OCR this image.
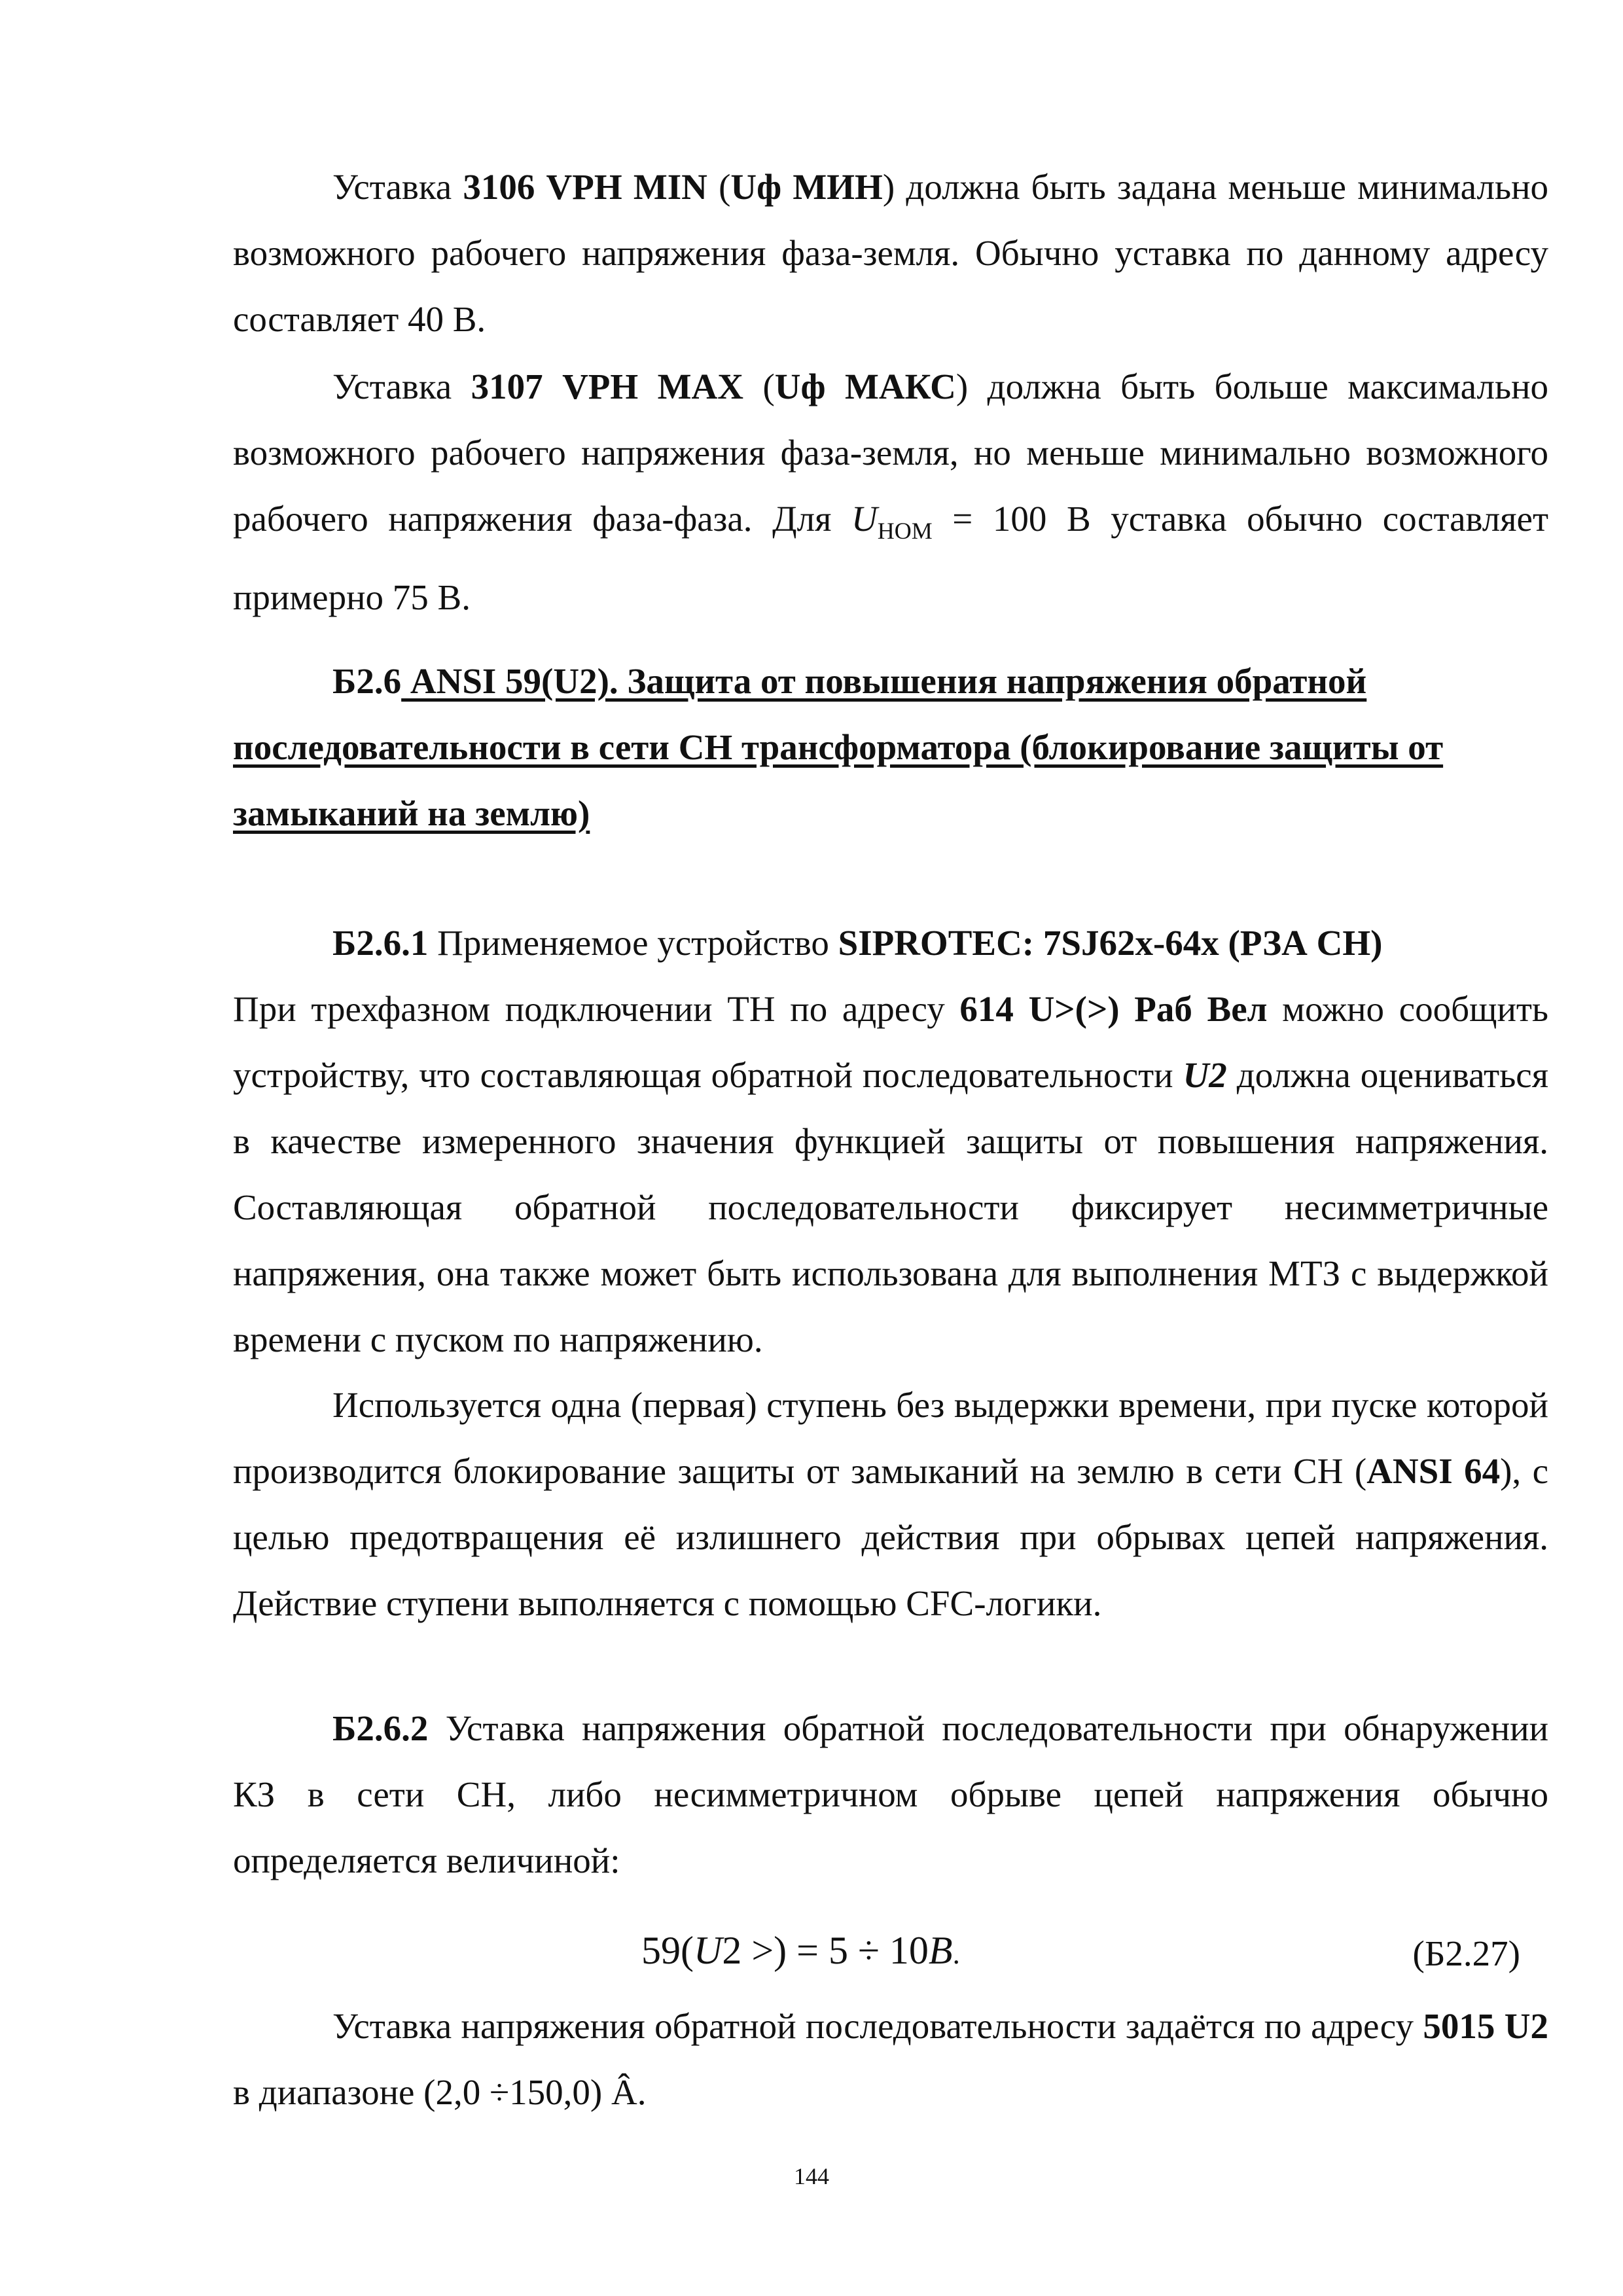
Уставка 3106 VPH MIN (Uф МИН) должна быть задана меньше минимально возможного рабочего напряжения фаза-земля. Обычно уставка по данному адресу составляет 40 В.

Уставка 3107 VPH MAX (Uф МАКС) должна быть больше максимально возможного рабочего напряжения фаза-земля, но меньше минимально возможного рабочего напряжения фаза-фаза. Для $U_{НОМ} = 100$ В уставка обычно составляет примерно 75 В.

Б2.6 ANSI 59(U2). Защита от повышения напряжения обратной последовательности в сети СН трансформатора (блокирование защиты от замыканий на землю)

Б2.6.1 Применяемое устройство SIPROTEC: 7SJ62x-64x (РЗА СН)

При трехфазном подключении ТН по адресу 614 U>(>) Раб Вел можно сообщить устройству, что составляющая обратной последовательности U2 должна оцениваться в качестве измеренного значения функцией защиты от повышения напряжения. Составляющая обратной последовательности фиксирует несимметричные напряжения, она также может быть использована для выполнения МТЗ с выдержкой времени с пуском по напряжению.

Используется одна (первая) ступень без выдержки времени, при пуске которой производится блокирование защиты от замыканий на землю в сети СН (ANSI 64), с целью предотвращения её излишнего действия при обрывах цепей напряжения. Действие ступени выполняется с помощью CFC-логики.

Б2.6.2 Уставка напряжения обратной последовательности при обнаружении КЗ в сети СН, либо несимметричном обрыве цепей напряжения обычно определяется величиной:

59(U2 >) = 5 ÷ 10B.	(Б2.27)

Уставка напряжения обратной последовательности задаётся по адресу 5015 U2 в диапазоне (2,0 ÷150,0) Â.

144
